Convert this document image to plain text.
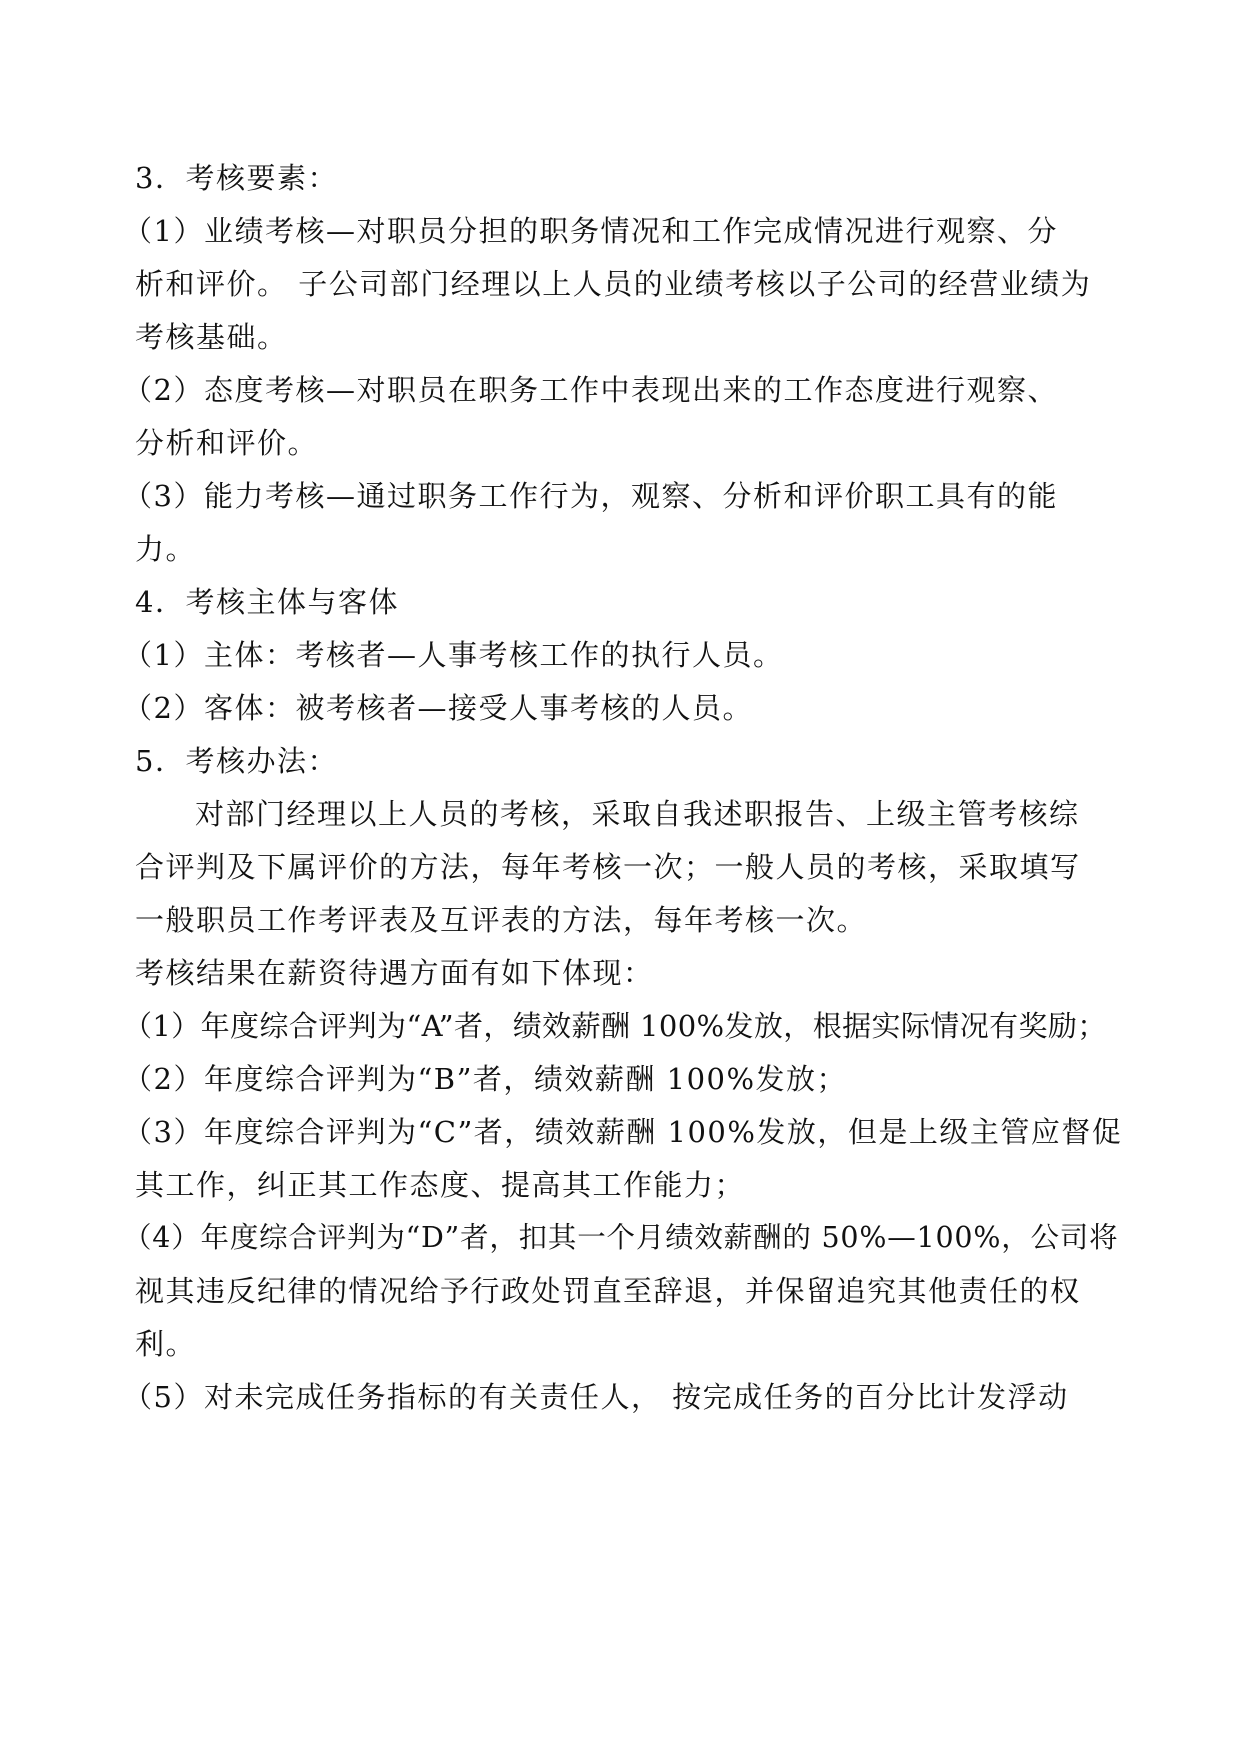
3．考核要素：
（1）业绩考核—对职员分担的职务情况和工作完成情况进行观察、分
析和评价。 子公司部门经理以上人员的业绩考核以子公司的经营业绩为
考核基础。
（2）态度考核—对职员在职务工作中表现出来的工作态度进行观察、
分析和评价。
（3）能力考核—通过职务工作行为，观察、分析和评价职工具有的能
力。
4．考核主体与客体
（1）主体：考核者—人事考核工作的执行人员。
（2）客体：被考核者—接受人事考核的人员。
5．考核办法：
对部门经理以上人员的考核，采取自我述职报告、上级主管考核综
合评判及下属评价的方法，每年考核一次；一般人员的考核，采取填写
一般职员工作考评表及互评表的方法，每年考核一次。
考核结果在薪资待遇方面有如下体现：
（1）年度综合评判为“A”者，绩效薪酬 100%发放，根据实际情况有奖励；
（2）年度综合评判为“B”者，绩效薪酬 100%发放；
（3）年度综合评判为“C”者，绩效薪酬 100%发放，但是上级主管应督促
其工作，纠正其工作态度、提高其工作能力；
（4）年度综合评判为“D”者，扣其一个月绩效薪酬的 50%—100%，公司将
视其违反纪律的情况给予行政处罚直至辞退，并保留追究其他责任的权
利。
（5）对未完成任务指标的有关责任人， 按完成任务的百分比计发浮动
